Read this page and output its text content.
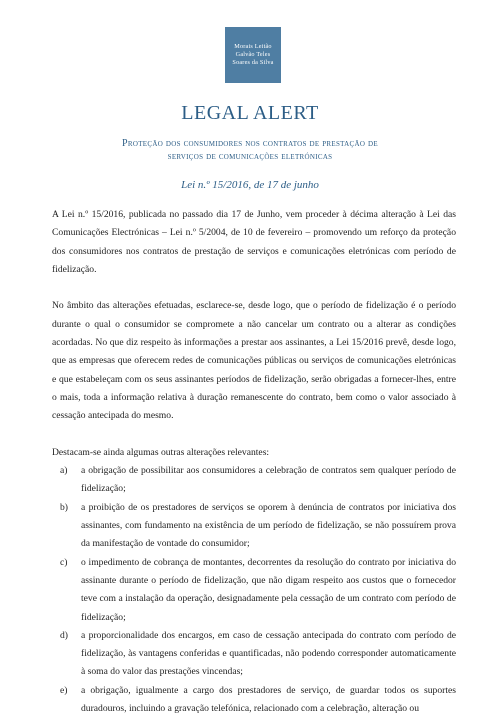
Morais Leitão
Galvão Teles
Soares da Silva
LEGAL ALERT
Proteção dos consumidores nos contratos de prestação de
serviços de comunicações eletrónicas
Lei n.º 15/2016, de 17 de junho

A Lei n.º 15/2016, publicada no passado dia 17 de Junho, vem proceder à décima alteração à Lei das Comunicações Electrónicas – Lei n.º 5/2004, de 10 de fevereiro – promovendo um reforço da proteção dos consumidores nos contratos de prestação de serviços e comunicações eletrónicas com período de fidelização.

No âmbito das alterações efetuadas, esclarece-se, desde logo, que o período de fidelização é o período durante o qual o consumidor se compromete a não cancelar um contrato ou a alterar as condições acordadas. No que diz respeito às informações a prestar aos assinantes, a Lei 15/2016 prevê, desde logo, que as empresas que oferecem redes de comunicações públicas ou serviços de comunicações eletrónicas e que estabeleçam com os seus assinantes períodos de fidelização, serão obrigadas a fornecer-lhes, entre o mais, toda a informação relativa à duração remanescente do contrato, bem como o valor associado à cessação antecipada do mesmo.

Destacam-se ainda algumas outras alterações relevantes:

a) a obrigação de possibilitar aos consumidores a celebração de contratos sem qualquer período de fidelização;
b) a proibição de os prestadores de serviços se oporem à denúncia de contratos por iniciativa dos assinantes, com fundamento na existência de um período de fidelização, se não possuírem prova da manifestação de vontade do consumidor;
c) o impedimento de cobrança de montantes, decorrentes da resolução do contrato por iniciativa do assinante durante o período de fidelização, que não digam respeito aos custos que o fornecedor teve com a instalação da operação, designadamente pela cessação de um contrato com período de fidelização;
d) a proporcionalidade dos encargos, em caso de cessação antecipada do contrato com período de fidelização, às vantagens conferidas e quantificadas, não podendo corresponder automaticamente à soma do valor das prestações vincendas;
e) a obrigação, igualmente a cargo dos prestadores de serviço, de guardar todos os suportes duradouros, incluindo a gravação telefónica, relacionado com a celebração, alteração ou
